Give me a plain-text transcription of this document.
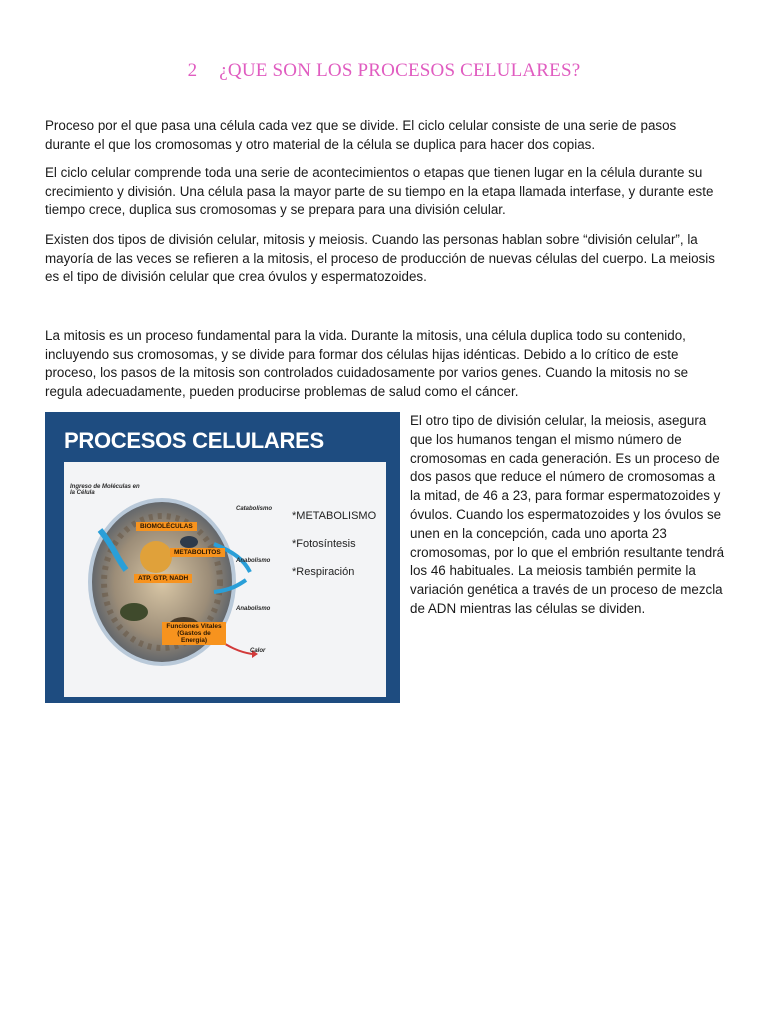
2 ¿QUE SON LOS PROCESOS CELULARES?

Proceso por el que pasa una célula cada vez que se divide. El ciclo celular consiste de una serie de pasos durante el que los cromosomas y otro material de la célula se duplica para hacer dos copias.

El ciclo celular comprende toda una serie de acontecimientos o etapas que tienen lugar en la célula durante su crecimiento y división. Una célula pasa la mayor parte de su tiempo en la etapa llamada interfase, y durante este tiempo crece, duplica sus cromosomas y se prepara para una división celular.

Existen dos tipos de división celular, mitosis y meiosis. Cuando las personas hablan sobre “división celular”, la mayoría de las veces se refieren a la mitosis, el proceso de producción de nuevas células del cuerpo. La meiosis es el tipo de división celular que crea óvulos y espermatozoides.

La mitosis es un proceso fundamental para la vida. Durante la mitosis, una célula duplica todo su contenido, incluyendo sus cromosomas, y se divide para formar dos células hijas idénticas. Debido a lo crítico de este proceso, los pasos de la mitosis son controlados cuidadosamente por varios genes. Cuando la mitosis no se regula adecuadamente, pueden producirse problemas de salud como el cáncer.

PROCESOS CELULARES
Ingreso de Moléculas en la Célula
Catabolismo
Anabolismo
Anabolismo
Calor
BIOMOLÉCULAS
METABOLITOS
ATP, GTP, NADH
Funciones Vitales (Gastos de Energía)
*METABOLISMO
*Fotosíntesis
*Respiración

El otro tipo de división celular, la meiosis, asegura que los humanos tengan el mismo número de cromosomas en cada generación. Es un proceso de dos pasos que reduce el número de cromosomas a la mitad, de 46 a 23, para formar espermatozoides y óvulos. Cuando los espermatozoides y los óvulos se unen en la concepción, cada uno aporta 23 cromosomas, por lo que el embrión resultante tendrá los 46 habituales. La meiosis también permite la variación genética a través de un proceso de mezcla de ADN mientras las células se dividen.
